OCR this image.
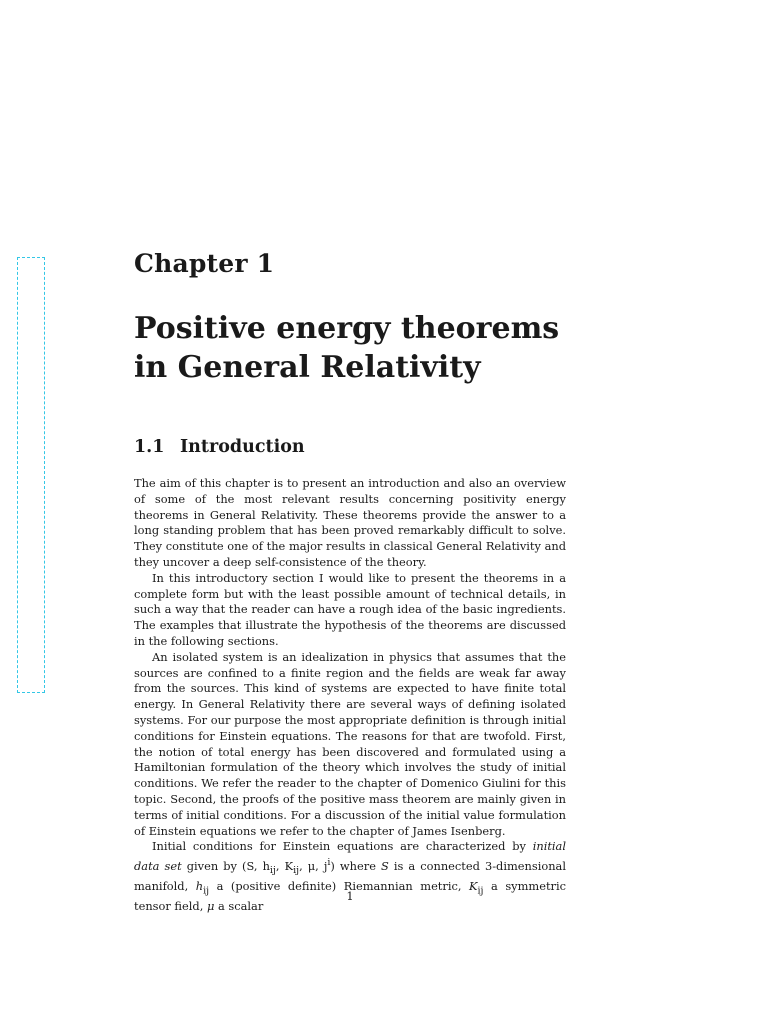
Chapter 1
Positive energy theorems in General Relativity
1.1 Introduction

The aim of this chapter is to present an introduction and also an overview of some of the most relevant results concerning positivity energy theorems in General Relativity. These theorems provide the answer to a long standing problem that has been proved remarkably difficult to solve. They constitute one of the major results in classical General Relativity and they uncover a deep self-consistence of the theory.

In this introductory section I would like to present the theorems in a complete form but with the least possible amount of technical details, in such a way that the reader can have a rough idea of the basic ingredients. The examples that illustrate the hypothesis of the theorems are discussed in the following sections.

An isolated system is an idealization in physics that assumes that the sources are confined to a finite region and the fields are weak far away from the sources. This kind of systems are expected to have finite total energy. In General Relativity there are several ways of defining isolated systems. For our purpose the most appropriate definition is through initial conditions for Einstein equations. The reasons for that are twofold. First, the notion of total energy has been discovered and formulated using a Hamiltonian formulation of the theory which involves the study of initial conditions. We refer the reader to the chapter of Domenico Giulini for this topic. Second, the proofs of the positive mass theorem are mainly given in terms of initial conditions. For a discussion of the initial value formulation of Einstein equations we refer to the chapter of James Isenberg.

Initial conditions for Einstein equations are characterized by initial data set given by (S, $h_{ij}$, $K_{ij}$, μ, $j^i$) where S is a connected 3-dimensional manifold, $h_{ij}$ a (positive definite) Riemannian metric, $K_{ij}$ a symmetric tensor field, μ a scalar

1
